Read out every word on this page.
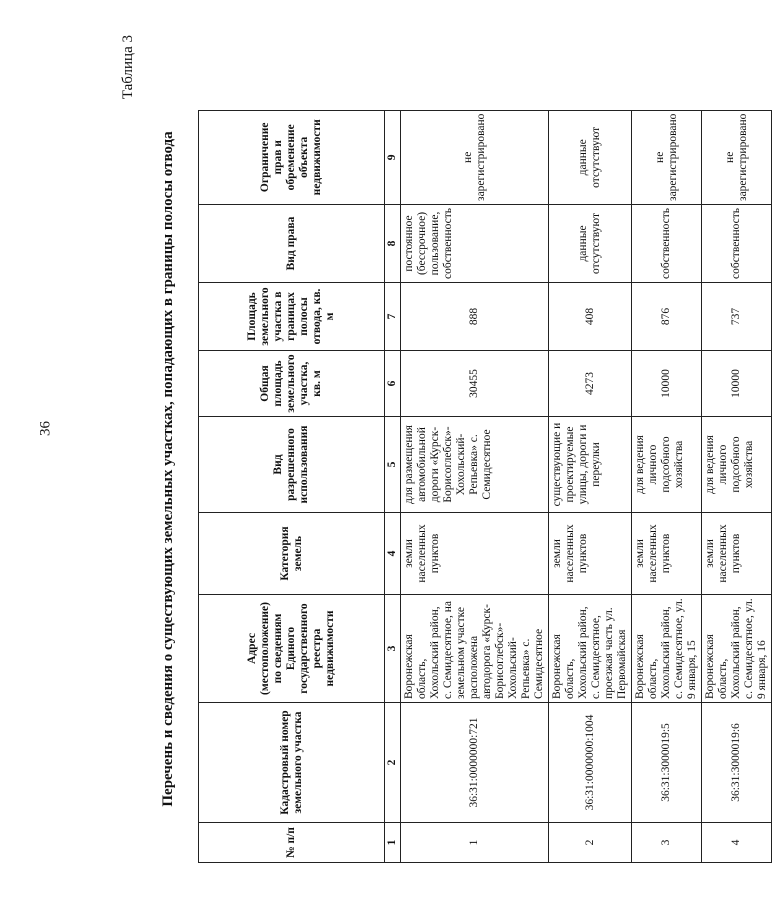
36
Таблица 3
Перечень и сведения о существующих земельных участках, попадающих в границы полосы отвода
№ п/п	Кадастровый номер земельного участка	Адрес (местоположение) по сведениям Единого государственного реестра недвижимости	Категория земель	Вид разрешенного использования	Общая площадь земельного участка, кв. м	Площадь земельного участка в границах полосы отвода, кв. м	Вид права	Ограничение прав и обременение объекта недвижимости
1	2	3	4	5	6	7	8	9
1	36:31:0000000:721	Воронежская область, Хохольский район, с. Семидесятное, на земельном участке расположена автодорога «Курск-Борисоглебск»-Хохольский-Репьевка» с. Семидесятное	земли населенных пунктов	для размещения автомобильной дороги «Курск-Борисоглебск»-Хохольский-Репьевка» с. Семидесятное	30455	888	постоянное (бессрочное) пользование, собственность	не зарегистрировано
2	36:31:0000000:1004	Воронежская область, Хохольский район, с. Семидесятное, проезжая часть ул. Первомайская	земли населенных пунктов	существующие и проектируемые улицы, дороги и переулки	4273	408	данные отсутствуют	данные отсутствуют
3	36:31:3000019:5	Воронежская область, Хохольский район, с. Семидесятное, ул. 9 января, 15	земли населенных пунктов	для ведения личного подсобного хозяйства	10000	876	собственность	не зарегистрировано
4	36:31:3000019:6	Воронежская область, Хохольский район, с. Семидесятное, ул. 9 января, 16	земли населенных пунктов	для ведения личного подсобного хозяйства	10000	737	собственность	не зарегистрировано
